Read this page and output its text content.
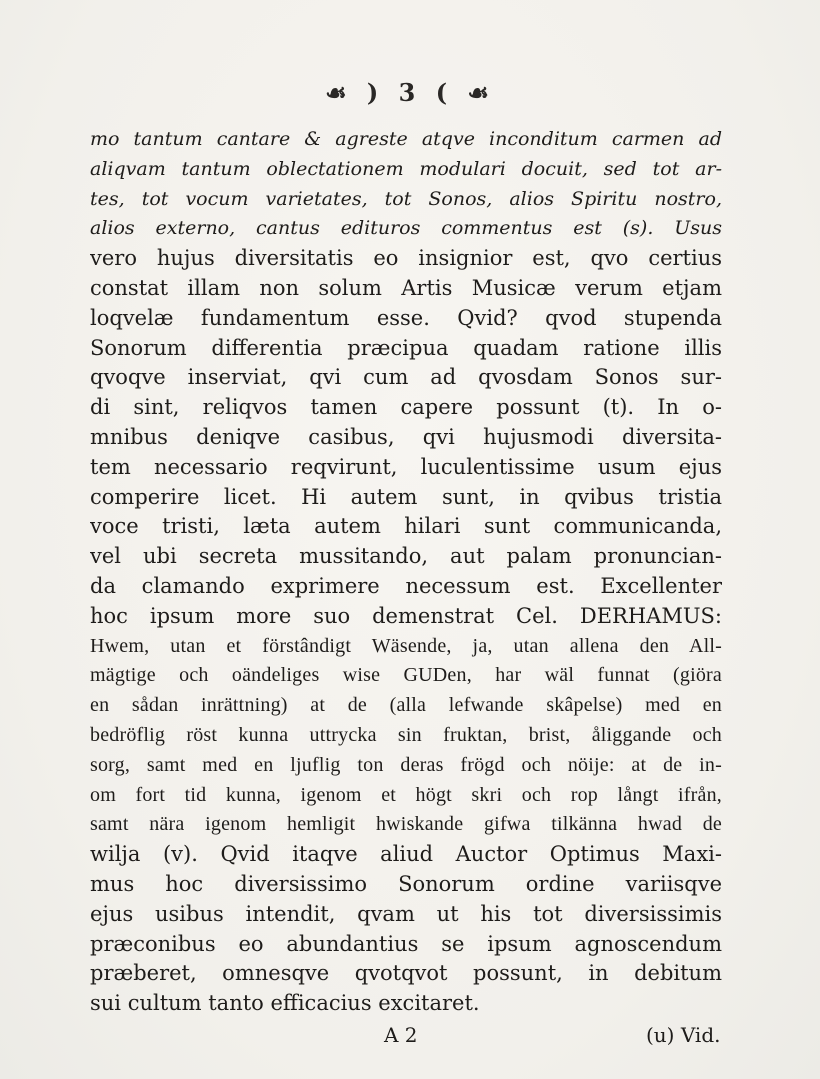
☙ ) 3 ( ☙
mo tantum cantare & agreste atqve inconditum carmen ad
aliqvam tantum oblectationem modulari docuit, sed tot ar-
tes, tot vocum varietates, tot Sonos, alios Spiritu nostro,
alios externo, cantus edituros commentus est (s). Usus
vero hujus diversitatis eo insignior est, qvo certius
constat illam non solum Artis Musicæ verum etjam
loqvelæ fundamentum esse. Qvid? qvod stupenda
Sonorum differentia præcipua quadam ratione illis
qvoqve inserviat, qvi cum ad qvosdam Sonos sur-
di sint, reliqvos tamen capere possunt (t). In o-
mnibus deniqve casibus, qvi hujusmodi diversita-
tem necessario reqvirunt, luculentissime usum ejus
comperire licet. Hi autem sunt, in qvibus tristia
voce tristi, læta autem hilari sunt communicanda,
vel ubi secreta mussitando, aut palam pronuncian-
da clamando exprimere necessum est. Excellenter
hoc ipsum more suo demenstrat Cel. DERHAMUS:
Hwem, utan et förstândigt Wäsende, ja, utan allena den All-
mägtige och oändeliges wise GUDen, har wäl funnat (giöra
en sådan inrättning) at de (alla lefwande skâpelse) med en
bedröflig röst kunna uttrycka sin fruktan, brist, åliggande och
sorg, samt med en ljuflig ton deras frögd och nöije: at de in-
om fort tid kunna, igenom et högt skri och rop långt ifrån,
samt nära igenom hemligit hwiskande gifwa tilkänna hwad de
wilja (v). Qvid itaqve aliud Auctor Optimus Maxi-
mus hoc diversissimo Sonorum ordine variisqve
ejus usibus intendit, qvam ut his tot diversissimis
præconibus eo abundantius se ipsum agnoscendum
præberet, omnesqve qvotqvot possunt, in debitum
sui cultum tanto efficacius excitaret.
A 2	(u) Vid.
